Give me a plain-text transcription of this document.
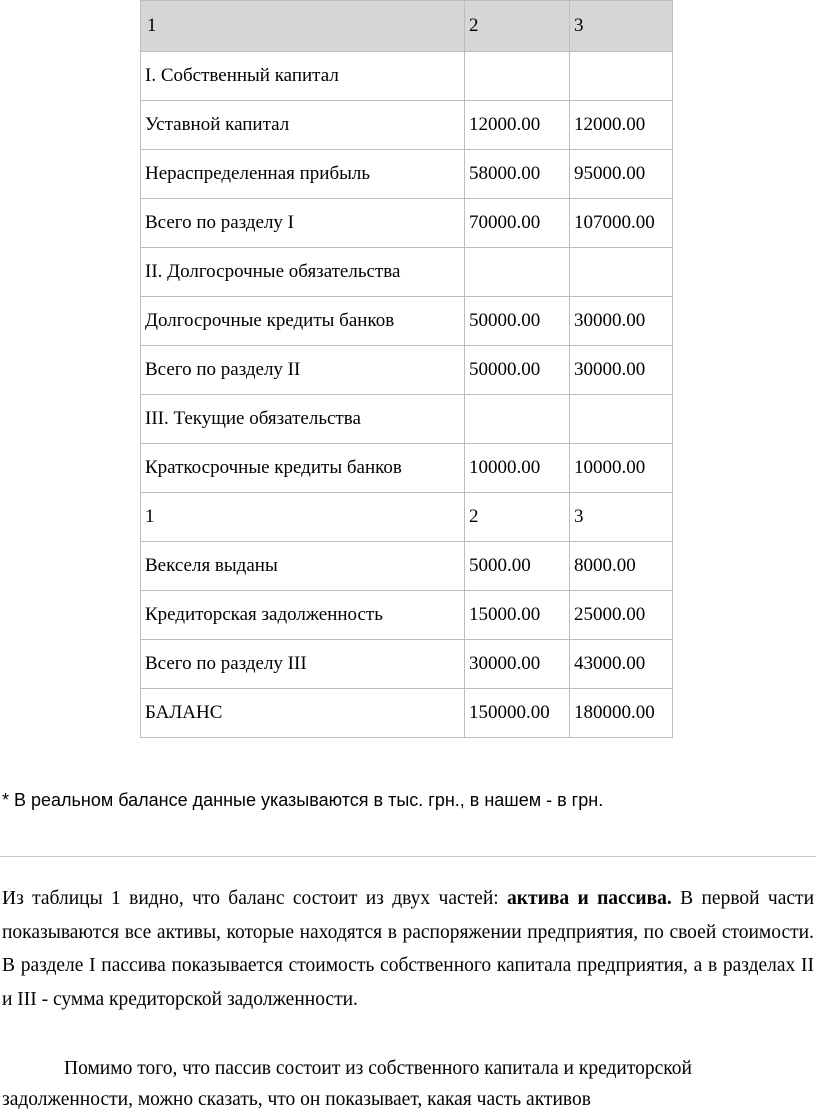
1	2	3
I. Собственный капитал		
Уставной капитал	12000.00	12000.00
Нераспределенная прибыль	58000.00	95000.00
Всего по разделу I	70000.00	107000.00
II. Долгосрочные обязательства		
Долгосрочные кредиты банков	50000.00	30000.00
Всего по разделу II	50000.00	30000.00
III. Текущие обязательства		
Краткосрочные кредиты банков	10000.00	10000.00
1	2	3
Векселя выданы	5000.00	8000.00
Кредиторская задолженность	15000.00	25000.00
Всего по разделу III	30000.00	43000.00
БАЛАНС	150000.00	180000.00
* В реальном балансе данные указываются в тыс. грн., в нашем - в грн.

Из таблицы 1 видно, что баланс состоит из двух частей: актива и пассива. В первой части показываются все активы, которые находятся в распоряжении предприятия, по своей стоимости. В разделе I пассива показывается стоимость собственного капитала предприятия, а в разделах II и III - сумма кредиторской задолженности.

Помимо того, что пассив состоит из собственного капитала и кредиторской задолженности, можно сказать, что он показывает, какая часть активов
